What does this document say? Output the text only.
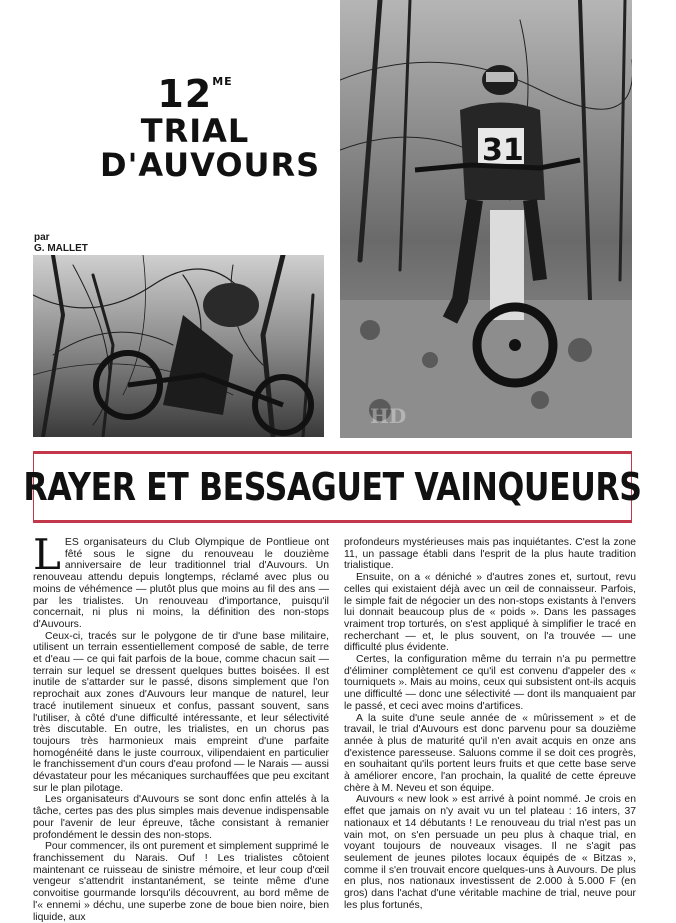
$12^{ME}$
TRIAL
D'AUVOURS
par
G. MALLET
31
HD
RAYER ET BESSAGUET VAINQUEURS

LES organisateurs du Club Olympique de Pontlieue ont fêté sous le signe du renouveau le douzième anniversaire de leur traditionnel trial d'Auvours. Un renouveau attendu depuis longtemps, réclamé avec plus ou moins de véhémence — plutôt plus que moins au fil des ans — par les trialistes. Un renouveau d'importance, puisqu'il concernait, ni plus ni moins, la définition des non-stops d'Auvours.

Ceux-ci, tracés sur le polygone de tir d'une base militaire, utilisent un terrain essentiellement composé de sable, de terre et d'eau — ce qui fait parfois de la boue, comme chacun sait — terrain sur lequel se dressent quelques buttes boisées. Il est inutile de s'attarder sur le passé, disons simplement que l'on reprochait aux zones d'Auvours leur manque de naturel, leur tracé inutilement sinueux et confus, passant souvent, sans l'utiliser, à côté d'une difficulté intéressante, et leur sélectivité très discutable. En outre, les trialistes, en un chorus pas toujours très harmonieux mais empreint d'une parfaite homogénéité dans le juste courroux, vilipendaient en particulier le franchissement d'un cours d'eau profond — le Narais — aussi dévastateur pour les mécaniques surchauffées que peu excitant sur le plan pilotage.

Les organisateurs d'Auvours se sont donc enfin attelés à la tâche, certes pas des plus simples mais devenue indispensable pour l'avenir de leur épreuve, tâche consistant à remanier profondément le dessin des non-stops.

Pour commencer, ils ont purement et simplement supprimé le franchissement du Narais. Ouf ! Les trialistes côtoient maintenant ce ruisseau de sinistre mémoire, et leur coup d'œil vengeur s'attendrit instantanément, se teinte même d'une convoitise gourmande lorsqu'ils découvrent, au bord même de l'« ennemi » déchu, une superbe zone de boue bien noire, bien liquide, aux

profondeurs mystérieuses mais pas inquiétantes. C'est la zone 11, un passage établi dans l'esprit de la plus haute tradition trialistique.

Ensuite, on a « déniché » d'autres zones et, surtout, revu celles qui existaient déjà avec un œil de connaisseur. Parfois, le simple fait de négocier un des non-stops existants à l'envers lui donnait beaucoup plus de « poids ». Dans les passages vraiment trop torturés, on s'est appliqué à simplifier le tracé en recherchant — et, le plus souvent, on l'a trouvée — une difficulté plus évidente.

Certes, la configuration même du terrain n'a pu permettre d'éliminer complètement ce qu'il est convenu d'appeler des « tourniquets ». Mais au moins, ceux qui subsistent ont-ils acquis une difficulté — donc une sélectivité — dont ils manquaient par le passé, et ceci avec moins d'artifices.

A la suite d'une seule année de « mûrissement » et de travail, le trial d'Auvours est donc parvenu pour sa douzième année à plus de maturité qu'il n'en avait acquis en onze ans d'existence paresseuse. Saluons comme il se doit ces progrès, en souhaitant qu'ils portent leurs fruits et que cette base serve à améliorer encore, l'an prochain, la qualité de cette épreuve chère à M. Neveu et son équipe.

Auvours « new look » est arrivé à point nommé. Je crois en effet que jamais on n'y avait vu un tel plateau : 16 inters, 37 nationaux et 14 débutants ! Le renouveau du trial n'est pas un vain mot, on s'en persuade un peu plus à chaque trial, en voyant toujours de nouveaux visages. Il ne s'agit pas seulement de jeunes pilotes locaux équipés de « Bitzas », comme il s'en trouvait encore quelques-uns à Auvours. De plus en plus, nos nationaux investissent de 2.000 à 5.000 F (en gros) dans l'achat d'une véritable machine de trial, neuve pour les plus fortunés,
